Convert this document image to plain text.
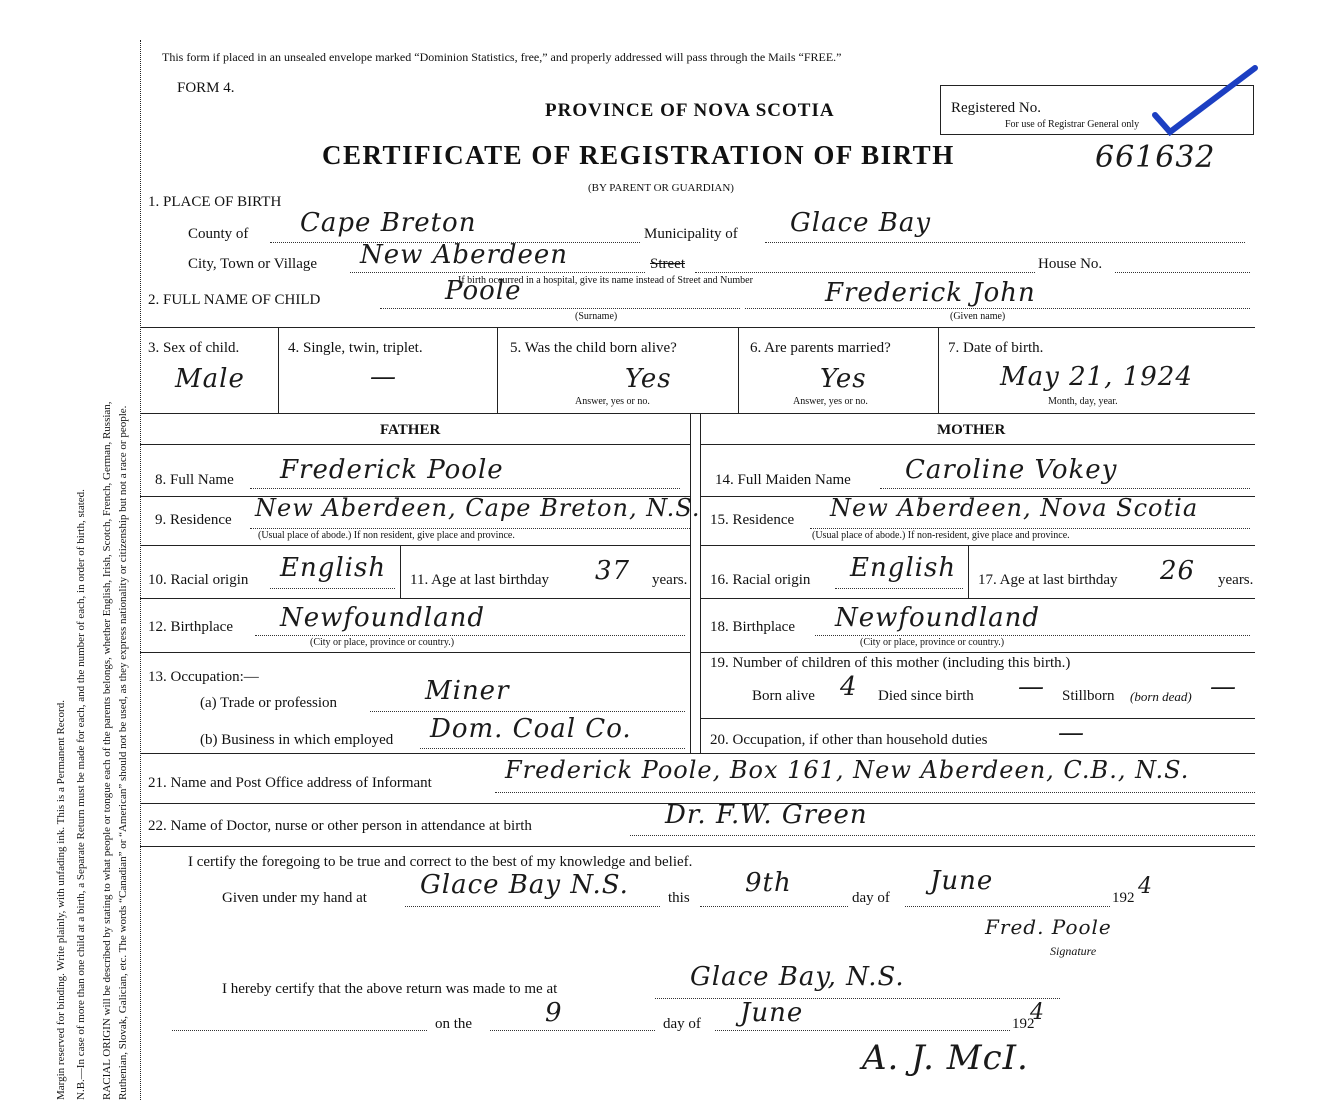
Margin reserved for binding. Write plainly, with unfading ink. This is a Permanent Record. N.B.—In case of more than one child at a birth, a Separate Return must be made for each, and the number of each, in order of birth, stated. RACIAL ORIGIN will be described by stating to what people or tongue each of the parents belongs, whether English, Irish, Scotch, French, German, Russian, Ruthenian, Slovak, Galician, etc. The words “Canadian” or “American” should not be used, as they express nationality or citizenship but not a race or people.
This form if placed in an unsealed envelope marked “Dominion Statistics, free,” and properly addressed will pass through the Mails “FREE.”
FORM 4.
PROVINCE OF NOVA SCOTIA
CERTIFICATE OF REGISTRATION OF BIRTH
(BY PARENT OR GUARDIAN)
Registered No.
For use of Registrar General only
661632
1. PLACE OF BIRTH
County of Cape Breton	Municipality of Glace Bay
City, Town or Village New Aberdeen	Street	House No.
If birth occurred in a hospital, give its name instead of Street and Number
2. FULL NAME OF CHILD	Poole
(Surname)
Frederick John
(Given name)
3. Sex of child.
Male
4. Single, twin, triplet.
—
5. Was the child born alive?
Yes
Answer, yes or no.
6. Are parents married?
Yes
Answer, yes or no.
7. Date of birth.
May 21, 1924
Month, day, year.
FATHER	MOTHER
8. Full Name Frederick Poole
9. Residence New Aberdeen, Cape Breton, N.S.
(Usual place of abode.) If non resident, give place and province.
10. Racial origin English 11. Age at last birthday 37 years.
12. Birthplace Newfoundland
(City or place, province or country.)
13. Occupation:—
(a) Trade or profession	Miner
(b) Business in which employed Dom. Coal Co.
14. Full Maiden Name Caroline Vokey
15. Residence New Aberdeen, Nova Scotia
(Usual place of abode.) If non-resident, give place and province.
16. Racial origin English 17. Age at last birthday 26 years.
18. Birthplace Newfoundland
(City or place, province or country.)
19. Number of children of this mother (including this birth.)
Born alive 4 Died since birth — Stillborn (born dead) —
20. Occupation, if other than household duties	—
21. Name and Post Office address of Informant	Frederick Poole, Box 161, New Aberdeen, C.B., N.S.
22. Name of Doctor, nurse or other person in attendance at birth	Dr. F.W. Green
I certify the foregoing to be true and correct to the best of my knowledge and belief.
Given under my hand at Glace Bay N.S.	this 9th	day of
June
192 4
Fred. Poole
Signature
I hereby certify that the above return was made to me at	Glace Bay, N.S.
on the	9	day of June	192
4
A. J. McI.
